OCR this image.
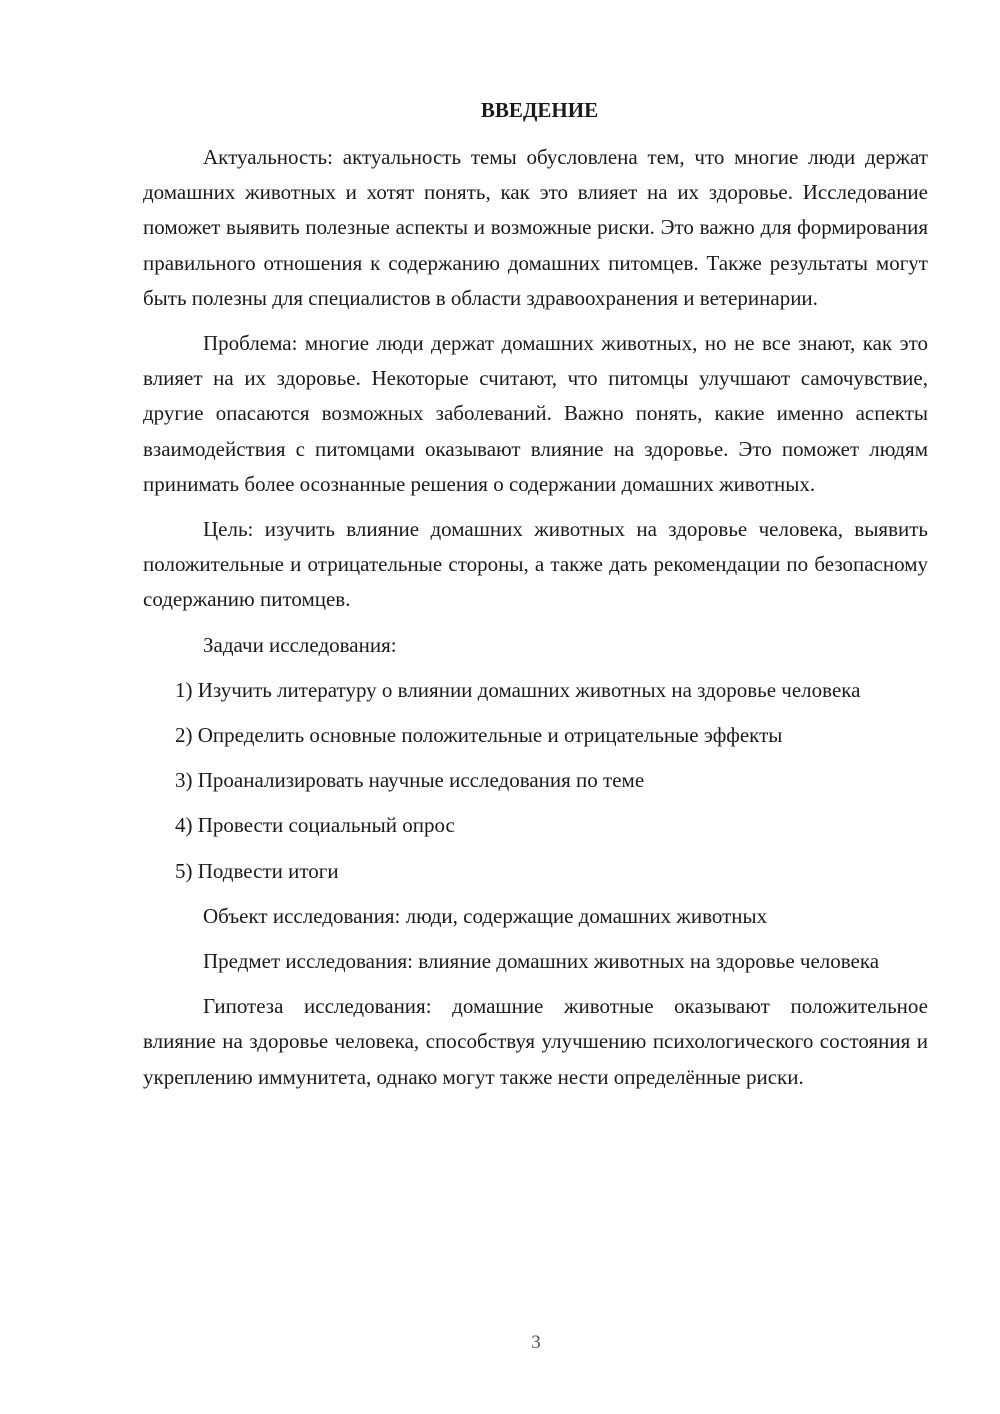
ВВЕДЕНИЕ

Актуальность: актуальность темы обусловлена тем, что многие люди держат домашних животных и хотят понять, как это влияет на их здоровье. Исследование поможет выявить полезные аспекты и возможные риски. Это важно для формирования правильного отношения к содержанию домашних питомцев. Также результаты могут быть полезны для специалистов в области здравоохранения и ветеринарии.

Проблема: многие люди держат домашних животных, но не все знают, как это влияет на их здоровье. Некоторые считают, что питомцы улучшают самочувствие, другие опасаются возможных заболеваний. Важно понять, какие именно аспекты взаимодействия с питомцами оказывают влияние на здоровье. Это поможет людям принимать более осознанные решения о содержании домашних животных.

Цель: изучить влияние домашних животных на здоровье человека, выявить положительные и отрицательные стороны, а также дать рекомендации по безопасному содержанию питомцев.

Задачи исследования:

1) Изучить литературу о влиянии домашних животных на здоровье человека

2) Определить основные положительные и отрицательные эффекты

3) Проанализировать научные исследования по теме

4) Провести социальный опрос

5) Подвести итоги

Объект исследования: люди, содержащие домашних животных

Предмет исследования: влияние домашних животных на здоровье человека

Гипотеза исследования: домашние животные оказывают положительное влияние на здоровье человека, способствуя улучшению психологического состояния и укреплению иммунитета, однако могут также нести определённые риски.

3
